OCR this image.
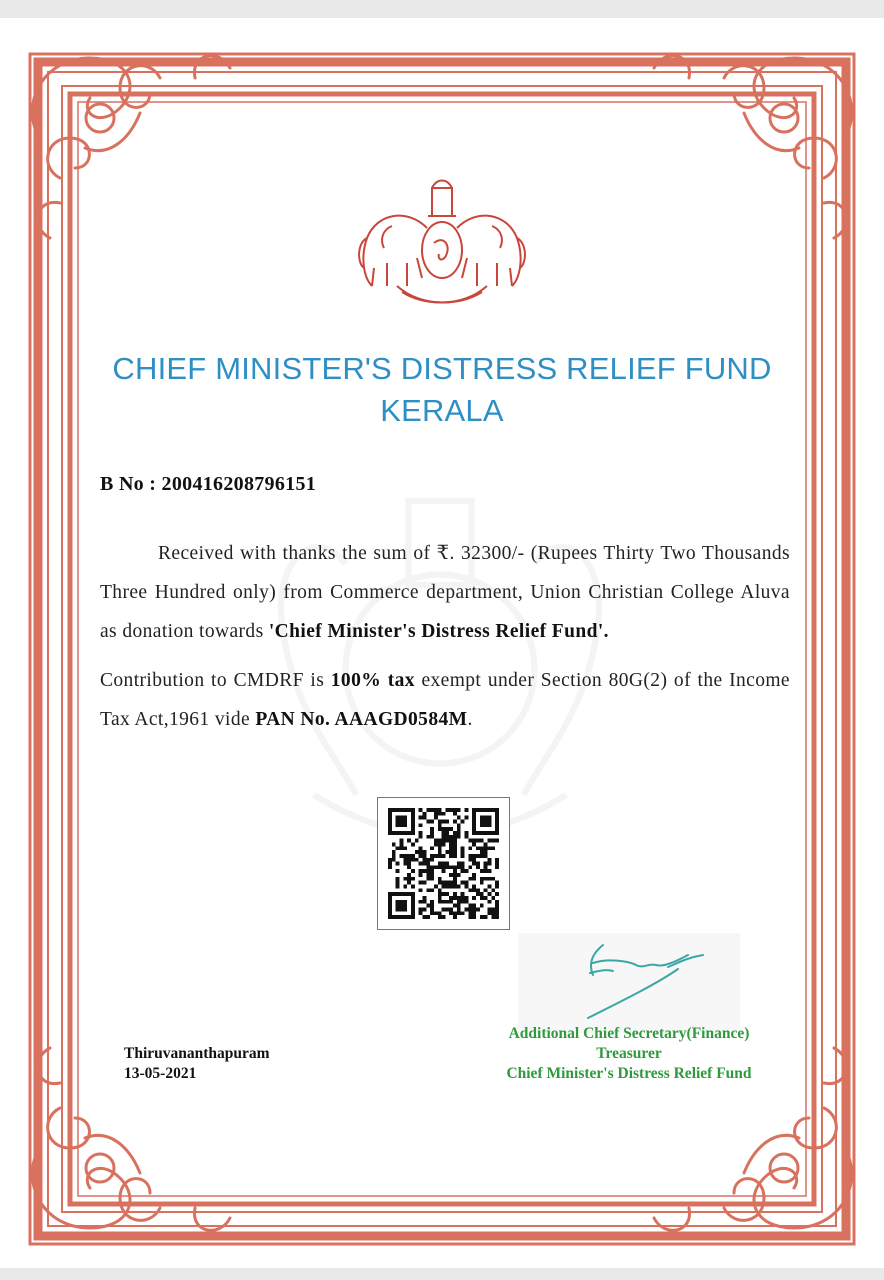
CHIEF MINISTER'S DISTRESS RELIEF FUND
KERALA
B No : 200416208796151

Received with thanks the sum of ₹. 32300/- (Rupees Thirty Two Thousands Three Hundred only) from Commerce department, Union Christian College Aluva as donation towards 'Chief Minister's Distress Relief Fund'.

Contribution to CMDRF is 100% tax exempt under Section 80G(2) of the Income Tax Act,1961 vide PAN No. AAAGD0584M.

Thiruvananthapuram
13-05-2021
Additional Chief Secretary(Finance)
Treasurer
Chief Minister's Distress Relief Fund
